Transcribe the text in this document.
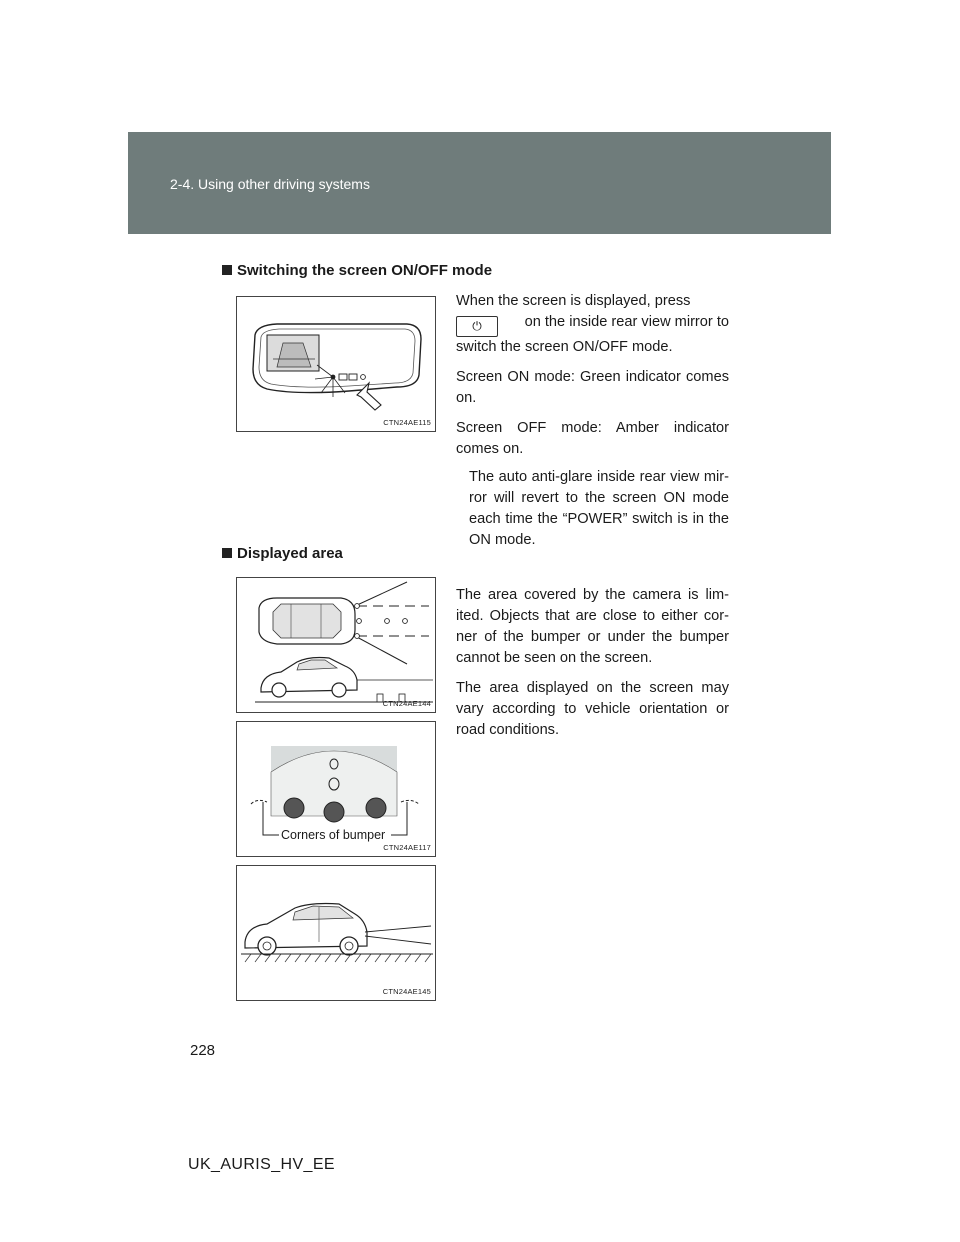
2-4. Using other driving systems
Switching the screen ON/OFF mode
CTN24AE115

When the screen is displayed, press

⏻	on the inside rear view mirror to
switch the screen ON/OFF mode.

Screen ON mode: Green indicator comes on.

Screen OFF mode: Amber indicator comes on.

The auto anti-glare inside rear view mir-ror will revert to the screen ON mode each time the “POWER” switch is in the ON mode.

Displayed area
CTN24AE144
Corners of bumper
CTN24AE117
CTN24AE145

The area covered by the camera is lim-ited. Objects that are close to either cor-ner of the bumper or under the bumper cannot be seen on the screen.

The area displayed on the screen may vary according to vehicle orientation or road conditions.

228
UK_AURIS_HV_EE
